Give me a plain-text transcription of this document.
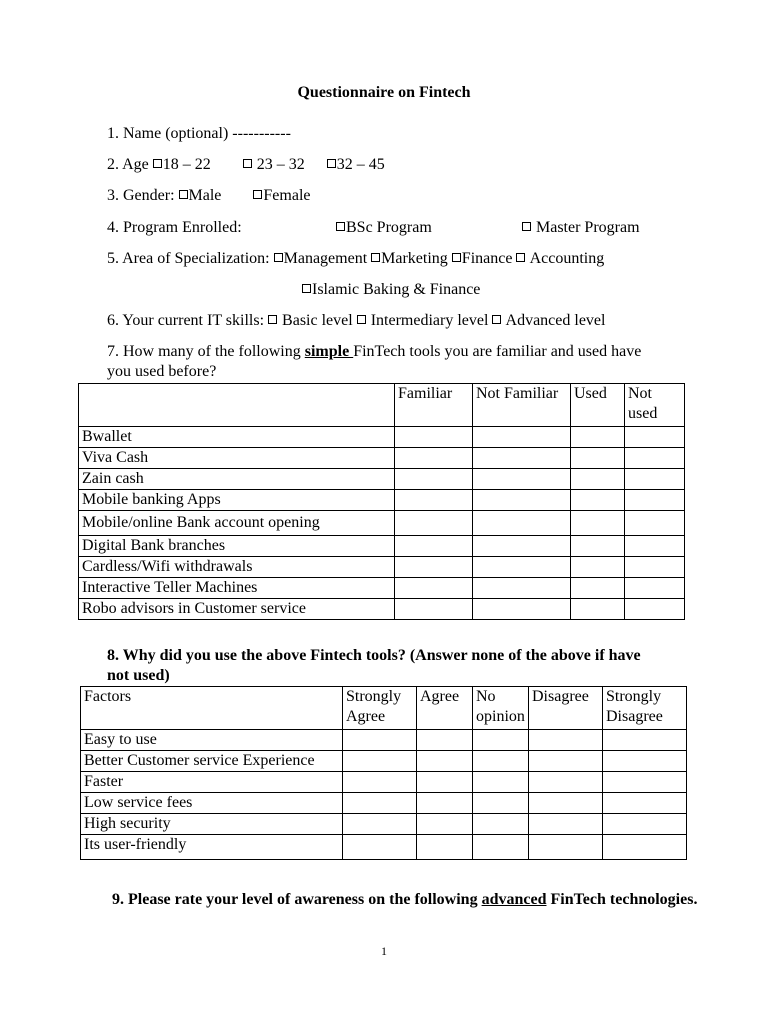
Questionnaire on Fintech
1. Name (optional) -----------
2. Age 18 – 22	23 – 32 32 – 45
3. Gender: Male	Female
4. Program Enrolled:	BSc Program	Master Program
5. Area of Specialization: Management Marketing Finance  Accounting
Islamic Baking & Finance
6. Your current IT skills:  Basic level  Intermediary level  Advanced level
7. How many of the following simple FinTech tools you are familiar and used have
you used before?
	Familiar	Not Familiar	Used	Not used
Bwallet				
Viva Cash				
Zain cash				
Mobile banking Apps				
Mobile/online Bank account opening				
Digital Bank branches				
Cardless/Wifi withdrawals				
Interactive Teller Machines				
Robo advisors in Customer service				
8. Why did you use the above Fintech tools? (Answer none of the above if have
not used)
Factors	Strongly Agree	Agree	No opinion	Disagree	Strongly Disagree
Easy to use					
Better Customer service Experience					
Faster					
Low service fees					
High security					
Its user-friendly					
9. Please rate your level of awareness on the following advanced FinTech technologies.
1
